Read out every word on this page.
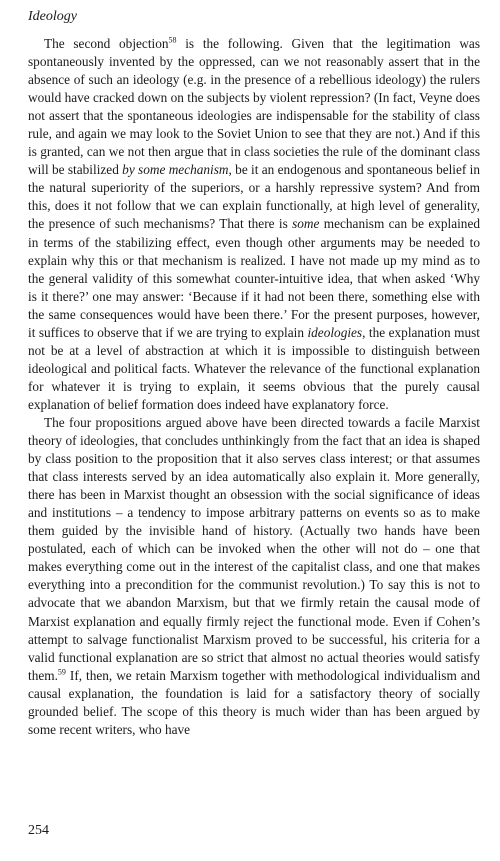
Ideology

The second objection$^{58}$ is the following. Given that the legitimation was spontaneously invented by the oppressed, can we not reasonably assert that in the absence of such an ideology (e.g. in the presence of a rebellious ideology) the rulers would have cracked down on the subjects by violent repression? (In fact, Veyne does not assert that the spontaneous ideologies are indispensable for the stability of class rule, and again we may look to the Soviet Union to see that they are not.) And if this is granted, can we not then argue that in class societies the rule of the dominant class will be stabilized by some mechanism, be it an endogenous and spontaneous belief in the natural superiority of the superiors, or a harshly repressive system? And from this, does it not follow that we can explain functionally, at high level of generality, the presence of such mechanisms? That there is some mechanism can be explained in terms of the stabilizing effect, even though other arguments may be needed to explain why this or that mechanism is realized. I have not made up my mind as to the general validity of this somewhat counter-intuitive idea, that when asked ‘Why is it there?’ one may answer: ‘Because if it had not been there, something else with the same consequences would have been there.’ For the present purposes, however, it suffices to observe that if we are trying to explain ideologies, the explanation must not be at a level of abstraction at which it is impossible to distinguish between ideological and political facts. Whatever the relevance of the functional explanation for whatever it is trying to explain, it seems obvious that the purely causal explanation of belief formation does indeed have explanatory force.

The four propositions argued above have been directed towards a facile Marxist theory of ideologies, that concludes unthinkingly from the fact that an idea is shaped by class position to the proposition that it also serves class interest; or that assumes that class interests served by an idea automatically also explain it. More generally, there has been in Marxist thought an obsession with the social significance of ideas and institutions – a tendency to impose arbitrary patterns on events so as to make them guided by the invisible hand of history. (Actually two hands have been postulated, each of which can be invoked when the other will not do – one that makes everything come out in the interest of the capitalist class, and one that makes everything into a precondition for the communist revolution.) To say this is not to advocate that we abandon Marxism, but that we firmly retain the causal mode of Marxist explanation and equally firmly reject the functional mode. Even if Cohen’s attempt to salvage functionalist Marxism proved to be successful, his criteria for a valid functional explanation are so strict that almost no actual theories would satisfy them.$^{59}$ If, then, we retain Marxism together with methodological individualism and causal explanation, the foundation is laid for a satisfactory theory of socially grounded belief. The scope of this theory is much wider than has been argued by some recent writers, who have

254
